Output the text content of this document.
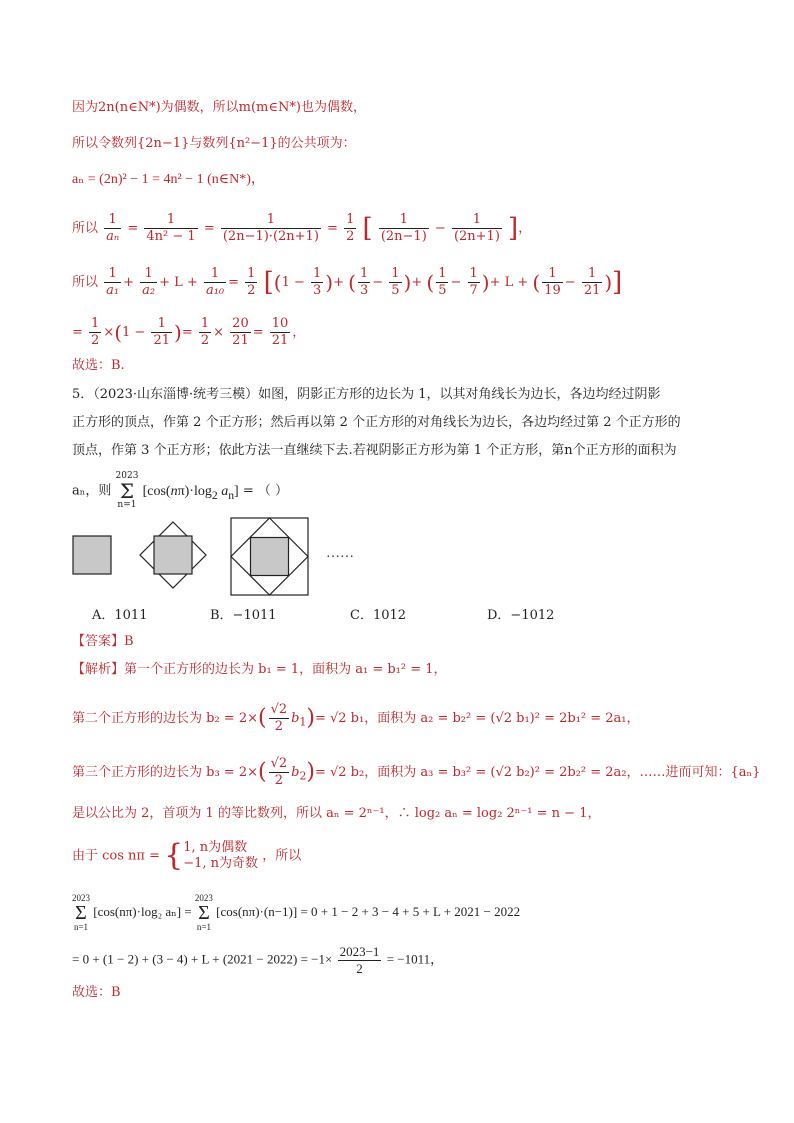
因为2n(n∈N*)为偶数，所以m(m∈N*)也为偶数，
所以令数列{2n−1}与数列{n²−1}的公共项为：
aₙ = (2n)² − 1 = 4n² − 1 (n∈N*)，
所以 $\frac{1}{\text{aₙ}} = \frac{1}{\text{4n² − 1}} = \frac{1}{(2n-1)\cdot(2n+1)} = \frac{1}{2}$ [ $\frac{1}{(2n-1)} - \frac{1}{(2n+1)}$ ]，
所以 $\frac{1}{\text{a₁}} + \frac{1}{\text{a₂}} + L + \frac{1}{\text{a₁₀}} = \frac{1}{2} [(1 - \frac{1}{3}$ )+ ( $\frac{1}{3} - \frac{1}{5}$ )+ ( $\frac{1}{5} - \frac{1}{7}$ )+ L + ( $\frac{1}{19} - \frac{1}{21}$ )]
= $\frac{1}{2} \times(1 - \frac{1}{21}$ )= $\frac{1}{2} \times \frac{20}{21} = \frac{10}{21}$ ，
故选：B.
5．（2023·山东淄博·统考三模）如图，阴影正方形的边长为 1，以其对角线长为边长，各边均经过阴影
正方形的顶点，作第 2 个正方形；然后再以第 2 个正方形的对角线长为边长，各边均经过第 2 个正方形的
顶点，作第 3 个正方形；依此方法一直继续下去.若视阴影正方形为第 1 个正方形，第n个正方形的面积为
aₙ，则 2023
Σ
n=1 [$\cos(n\pi)\cdot\log_2$ $a_n$] = （ ）
……
A．1011	B．−1011	C．1012	D．−1012
【答案】B
【解析】第一个正方形的边长为 b₁ = 1，面积为 a₁ = b₁² = 1，
第二个正方形的边长为 $b_2 = 2\times( \frac{√2}{2} b_1)= √2$ b₁，面积为 a₂ = b₂² = (√2 b₁)² = 2b₁² = 2a₁，
第三个正方形的边长为 $b_3 = 2\times( \frac{√2}{2} b_2)= √2$ b₂，面积为 a₃ = b₃² = (√2 b₂)² = 2b₂² = 2a₂，……进而可知：{aₙ}
是以公比为 2，首项为 1 的等比数列，所以 aₙ = 2ⁿ⁻¹，∴ log₂ aₙ = log₂ 2ⁿ⁻¹ = n − 1，
由于 cos nπ = { 1, n为偶数
−1, n为奇数 ，所以
2023
Σ
n=1 [cos(nπ)·log₂ aₙ] = 2023
Σ
n=1 [cos(nπ)·(n−1)] = 0 + 1 − 2 + 3 − 4 + 5 + L + 2021 − 2022
= $0 + (1 - 2) + (3 - 4) + L + (2021 - 2022) = -1\times \frac{2023-1}{2} = -1011$，
故选：B
